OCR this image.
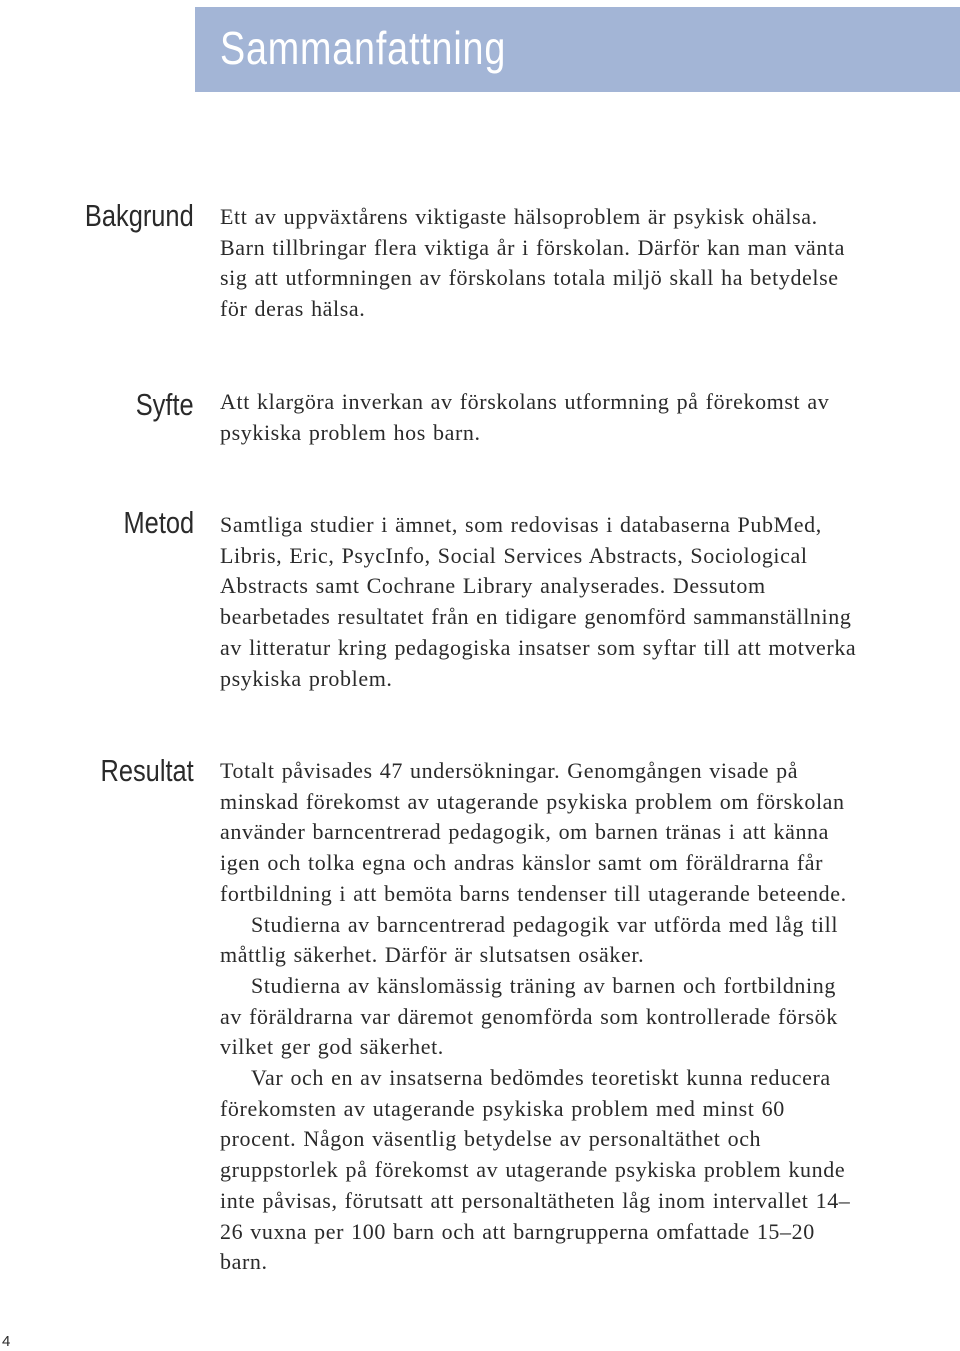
Sammanfattning
Bakgrund Ett av uppväxtårens viktigaste hälsoproblem är psykisk ohälsa. Barn tillbringar flera viktiga år i förskolan. Därför kan man vänta sig att utformningen av förskolans totala miljö skall ha betydelse för deras hälsa.

Syfte Att klargöra inverkan av förskolans utformning på förekomst av psykiska problem hos barn.

Metod Samtliga studier i ämnet, som redovisas i databaserna PubMed, Libris, Eric, PsycInfo, Social Services Abstracts, Sociological Abstracts samt Cochrane Library analyserades. Dessutom bearbetades resultatet från en tidigare genomförd sammanställning av litteratur kring pedagogiska insatser som syftar till att motverka psykiska problem.

Resultat Totalt påvisades 47 undersökningar. Genomgången visade på minskad förekomst av utagerande psykiska problem om förskolan använder barncentrerad pedagogik, om barnen tränas i att känna igen och tolka egna och andras känslor samt om föräldrarna får fortbildning i att bemöta barns tendenser till utagerande beteende.

Studierna av barncentrerad pedagogik var utförda med låg till måttlig säkerhet. Därför är slutsatsen osäker.

Studierna av känslomässig träning av barnen och fortbildning av föräldrarna var däremot genomförda som kontrollerade försök vilket ger god säkerhet.

Var och en av insatserna bedömdes teoretiskt kunna reducera förekomsten av utagerande psykiska problem med minst 60 procent. Någon väsentlig betydelse av personaltäthet och gruppstorlek på förekomst av utagerande psykiska problem kunde inte påvisas, förutsatt att personaltätheten låg inom intervallet 14–26 vuxna per 100 barn och att barngrupperna omfattade 15–20 barn.

4
